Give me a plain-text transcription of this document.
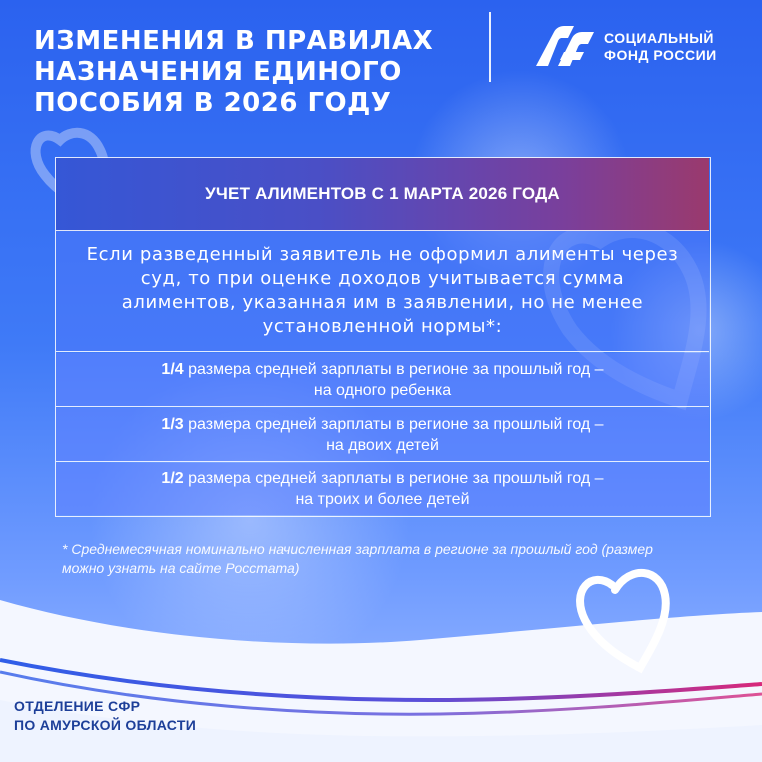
ИЗМЕНЕНИЯ В ПРАВИЛАХ
НАЗНАЧЕНИЯ ЕДИНОГО
ПОСОБИЯ В 2026 ГОДУ
СОЦИАЛЬНЫЙ
ФОНД РОССИИ
УЧЕТ АЛИМЕНТОВ С 1 МАРТА 2026 ГОДА
Если разведенный заявитель не оформил алименты через суд, то при оценке доходов учитывается сумма алиментов, указанная им в заявлении, но не менее установленной нормы*:
1/4 размера средней зарплаты в регионе за прошлый год –
на одного ребенка
1/3 размера средней зарплаты в регионе за прошлый год –
на двоих детей
1/2 размера средней зарплаты в регионе за прошлый год –
на троих и более детей
* Среднемесячная номинально начисленная зарплата в регионе за прошлый год (размер можно узнать на сайте Росстата)
ОТДЕЛЕНИЕ СФР
ПО АМУРСКОЙ ОБЛАСТИ
